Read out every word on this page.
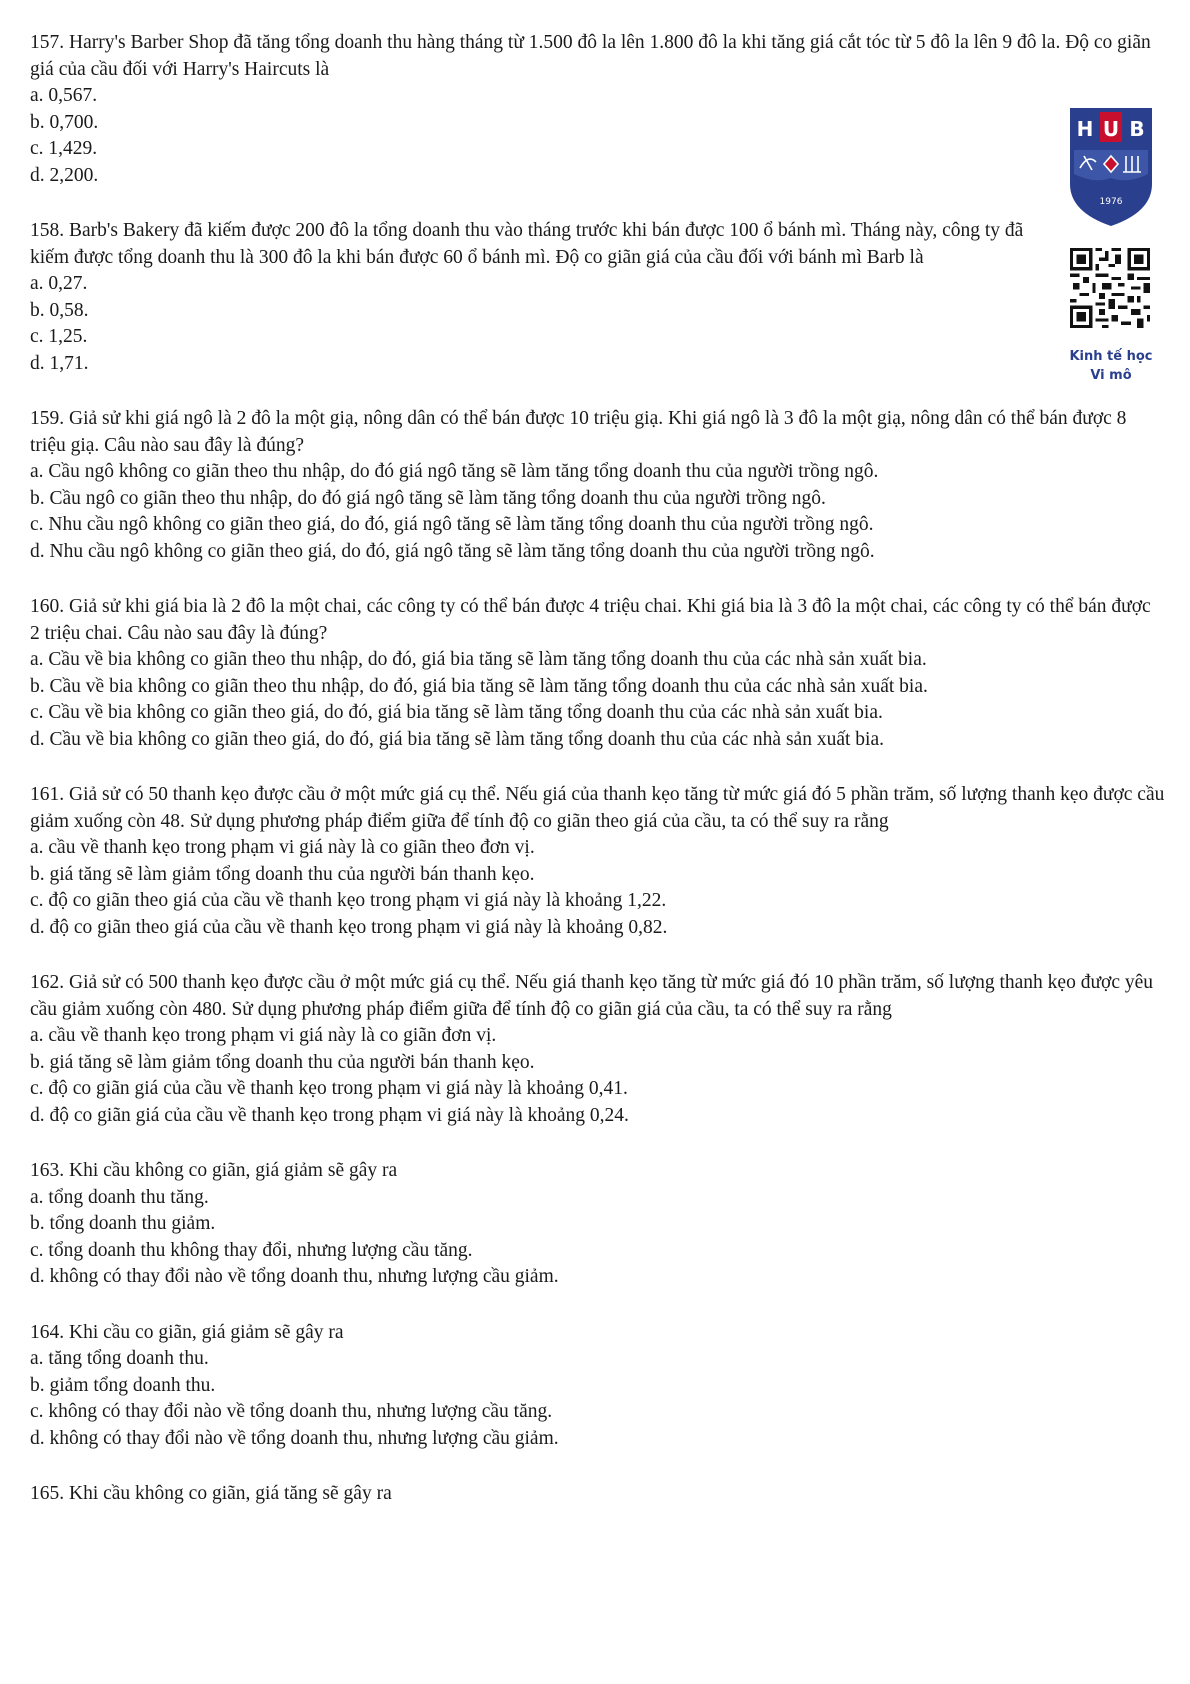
157. Harry's Barber Shop đã tăng tổng doanh thu hàng tháng từ 1.500 đô la lên 1.800 đô la khi tăng giá cắt tóc từ 5 đô la lên 9 đô la. Độ co giãn giá của cầu đối với Harry's Haircuts là

a. 0,567.

b. 0,700.

c. 1,429.

d. 2,200.

158. Barb's Bakery đã kiếm được 200 đô la tổng doanh thu vào tháng trước khi bán được 100 ổ bánh mì. Tháng này, công ty đã kiếm được tổng doanh thu là 300 đô la khi bán được 60 ổ bánh mì. Độ co giãn giá của cầu đối với bánh mì Barb là

a. 0,27.

b. 0,58.

c. 1,25.

d. 1,71.

159. Giả sử khi giá ngô là 2 đô la một giạ, nông dân có thể bán được 10 triệu giạ. Khi giá ngô là 3 đô la một giạ, nông dân có thể bán được 8 triệu giạ. Câu nào sau đây là đúng?

a. Cầu ngô không co giãn theo thu nhập, do đó giá ngô tăng sẽ làm tăng tổng doanh thu của người trồng ngô.

b. Cầu ngô co giãn theo thu nhập, do đó giá ngô tăng sẽ làm tăng tổng doanh thu của người trồng ngô.

c. Nhu cầu ngô không co giãn theo giá, do đó, giá ngô tăng sẽ làm tăng tổng doanh thu của người trồng ngô.

d. Nhu cầu ngô không co giãn theo giá, do đó, giá ngô tăng sẽ làm tăng tổng doanh thu của người trồng ngô.

160. Giả sử khi giá bia là 2 đô la một chai, các công ty có thể bán được 4 triệu chai. Khi giá bia là 3 đô la một chai, các công ty có thể bán được 2 triệu chai. Câu nào sau đây là đúng?

a. Cầu về bia không co giãn theo thu nhập, do đó, giá bia tăng sẽ làm tăng tổng doanh thu của các nhà sản xuất bia.

b. Cầu về bia không co giãn theo thu nhập, do đó, giá bia tăng sẽ làm tăng tổng doanh thu của các nhà sản xuất bia.

c. Cầu về bia không co giãn theo giá, do đó, giá bia tăng sẽ làm tăng tổng doanh thu của các nhà sản xuất bia.

d. Cầu về bia không co giãn theo giá, do đó, giá bia tăng sẽ làm tăng tổng doanh thu của các nhà sản xuất bia.

161. Giả sử có 50 thanh kẹo được cầu ở một mức giá cụ thể. Nếu giá của thanh kẹo tăng từ mức giá đó 5 phần trăm, số lượng thanh kẹo được cầu giảm xuống còn 48. Sử dụng phương pháp điểm giữa để tính độ co giãn theo giá của cầu, ta có thể suy ra rằng

a. cầu về thanh kẹo trong phạm vi giá này là co giãn theo đơn vị.

b. giá tăng sẽ làm giảm tổng doanh thu của người bán thanh kẹo.

c. độ co giãn theo giá của cầu về thanh kẹo trong phạm vi giá này là khoảng 1,22.

d. độ co giãn theo giá của cầu về thanh kẹo trong phạm vi giá này là khoảng 0,82.

162. Giả sử có 500 thanh kẹo được cầu ở một mức giá cụ thể. Nếu giá thanh kẹo tăng từ mức giá đó 10 phần trăm, số lượng thanh kẹo được yêu cầu giảm xuống còn 480. Sử dụng phương pháp điểm giữa để tính độ co giãn giá của cầu, ta có thể suy ra rằng

a. cầu về thanh kẹo trong phạm vi giá này là co giãn đơn vị.

b. giá tăng sẽ làm giảm tổng doanh thu của người bán thanh kẹo.

c. độ co giãn giá của cầu về thanh kẹo trong phạm vi giá này là khoảng 0,41.

d. độ co giãn giá của cầu về thanh kẹo trong phạm vi giá này là khoảng 0,24.

163. Khi cầu không co giãn, giá giảm sẽ gây ra

a. tổng doanh thu tăng.

b. tổng doanh thu giảm.

c. tổng doanh thu không thay đổi, nhưng lượng cầu tăng.

d. không có thay đổi nào về tổng doanh thu, nhưng lượng cầu giảm.

164. Khi cầu co giãn, giá giảm sẽ gây ra

a. tăng tổng doanh thu.

b. giảm tổng doanh thu.

c. không có thay đổi nào về tổng doanh thu, nhưng lượng cầu tăng.

d. không có thay đổi nào về tổng doanh thu, nhưng lượng cầu giảm.

165. Khi cầu không co giãn, giá tăng sẽ gây ra

H U B
1976
Kinh tế học
Vi mô
